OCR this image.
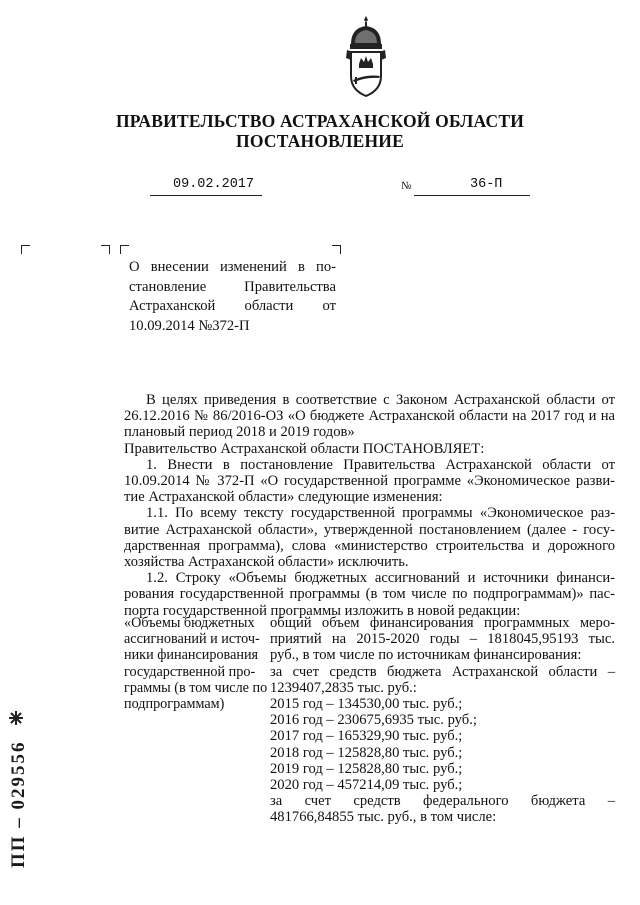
ПРАВИТЕЛЬСТВО АСТРАХАНСКОЙ ОБЛАСТИ
ПОСТАНОВЛЕНИЕ
09.02.2017	№	36-П
О внесении изменений в по-
становление Правительства
Астраханской области от
10.09.2014 №372-П
В целях приведения в соответствие с Законом Астраханской области от
26.12.2016 № 86/2016-ОЗ «О бюджете Астраханской области на 2017 год и на
плановый период 2018 и 2019 годов»
Правительство Астраханской области ПОСТАНОВЛЯЕТ:
1. Внести в постановление Правительства Астраханской области от
10.09.2014 № 372-П «О государственной программе «Экономическое разви-
тие Астраханской области» следующие изменения:
1.1. По всему тексту государственной программы «Экономическое раз-
витие Астраханской области», утвержденной постановлением (далее - госу-
дарственная программа), слова «министерство строительства и дорожного
хозяйства Астраханской области» исключить.
1.2. Строку «Объемы бюджетных ассигнований и источники финанси-
рования государственной программы (в том числе по подпрограммам)» пас-
порта государственной программы изложить в новой редакции:
«Объемы бюджетных
ассигнований и источ-
ники финансирования
государственной про-
граммы (в том числе по
подпрограммам)
общий объем финансирования программных меро-
приятий на 2015-2020 годы – 1818045,95193 тыс.
руб., в том числе по источникам финансирования:
за счет средств бюджета Астраханской области –
1239407,2835 тыс. руб.:
2015 год – 134530,00 тыс. руб.;
2016 год – 230675,6935 тыс. руб.;
2017 год – 165329,90 тыс. руб.;
2018 год – 125828,80 тыс. руб.;
2019 год – 125828,80 тыс. руб.;
2020 год – 457214,09 тыс. руб.;
за счет средств федерального бюджета –
481766,84855 тыс. руб., в том числе:
ПП – 029556
